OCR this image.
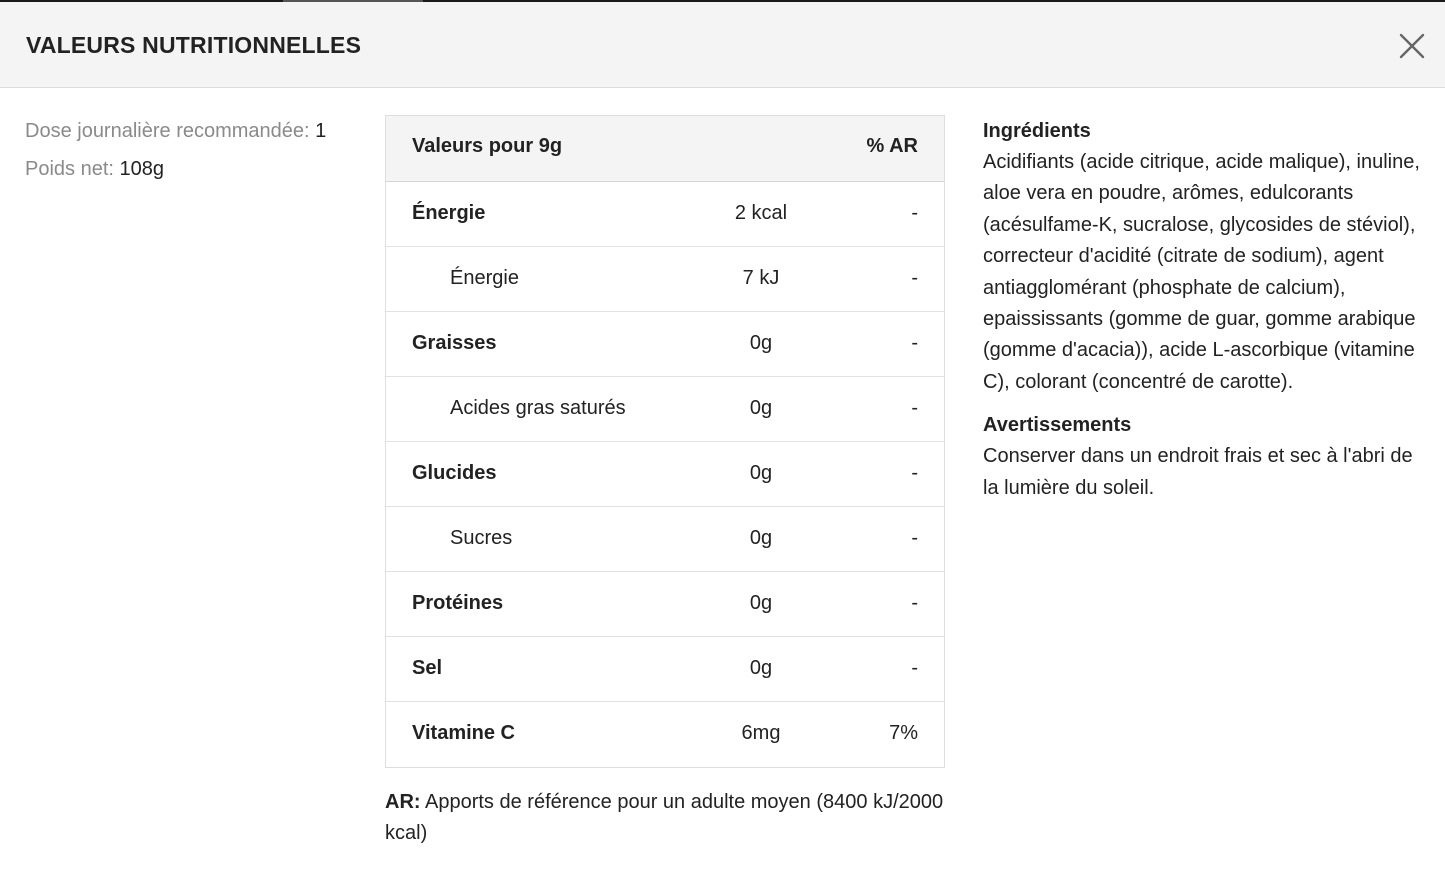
VALEURS NUTRITIONNELLES
Dose journalière recommandée: 1
Poids net: 108g
Valeurs pour 9g	% AR
Énergie	2 kcal	-
Énergie	7 kJ	-
Graisses	0g	-
Acides gras saturés	0g	-
Glucides	0g	-
Sucres	0g	-
Protéines	0g	-
Sel	0g	-
Vitamine C	6mg	7%
AR: Apports de référence pour un adulte moyen (8400 kJ/2000 kcal)
Ingrédients
Acidifiants (acide citrique, acide malique), inuline, aloe vera en poudre, arômes, edulcorants (acésulfame-K, sucralose, glycosides de stéviol), correcteur d'acidité (citrate de sodium), agent antiagglomérant (phosphate de calcium), epaississants (gomme de guar, gomme arabique (gomme d'acacia)), acide L-ascorbique (vitamine C), colorant (concentré de carotte).
Avertissements
Conserver dans un endroit frais et sec à l'abri de la lumière du soleil.
